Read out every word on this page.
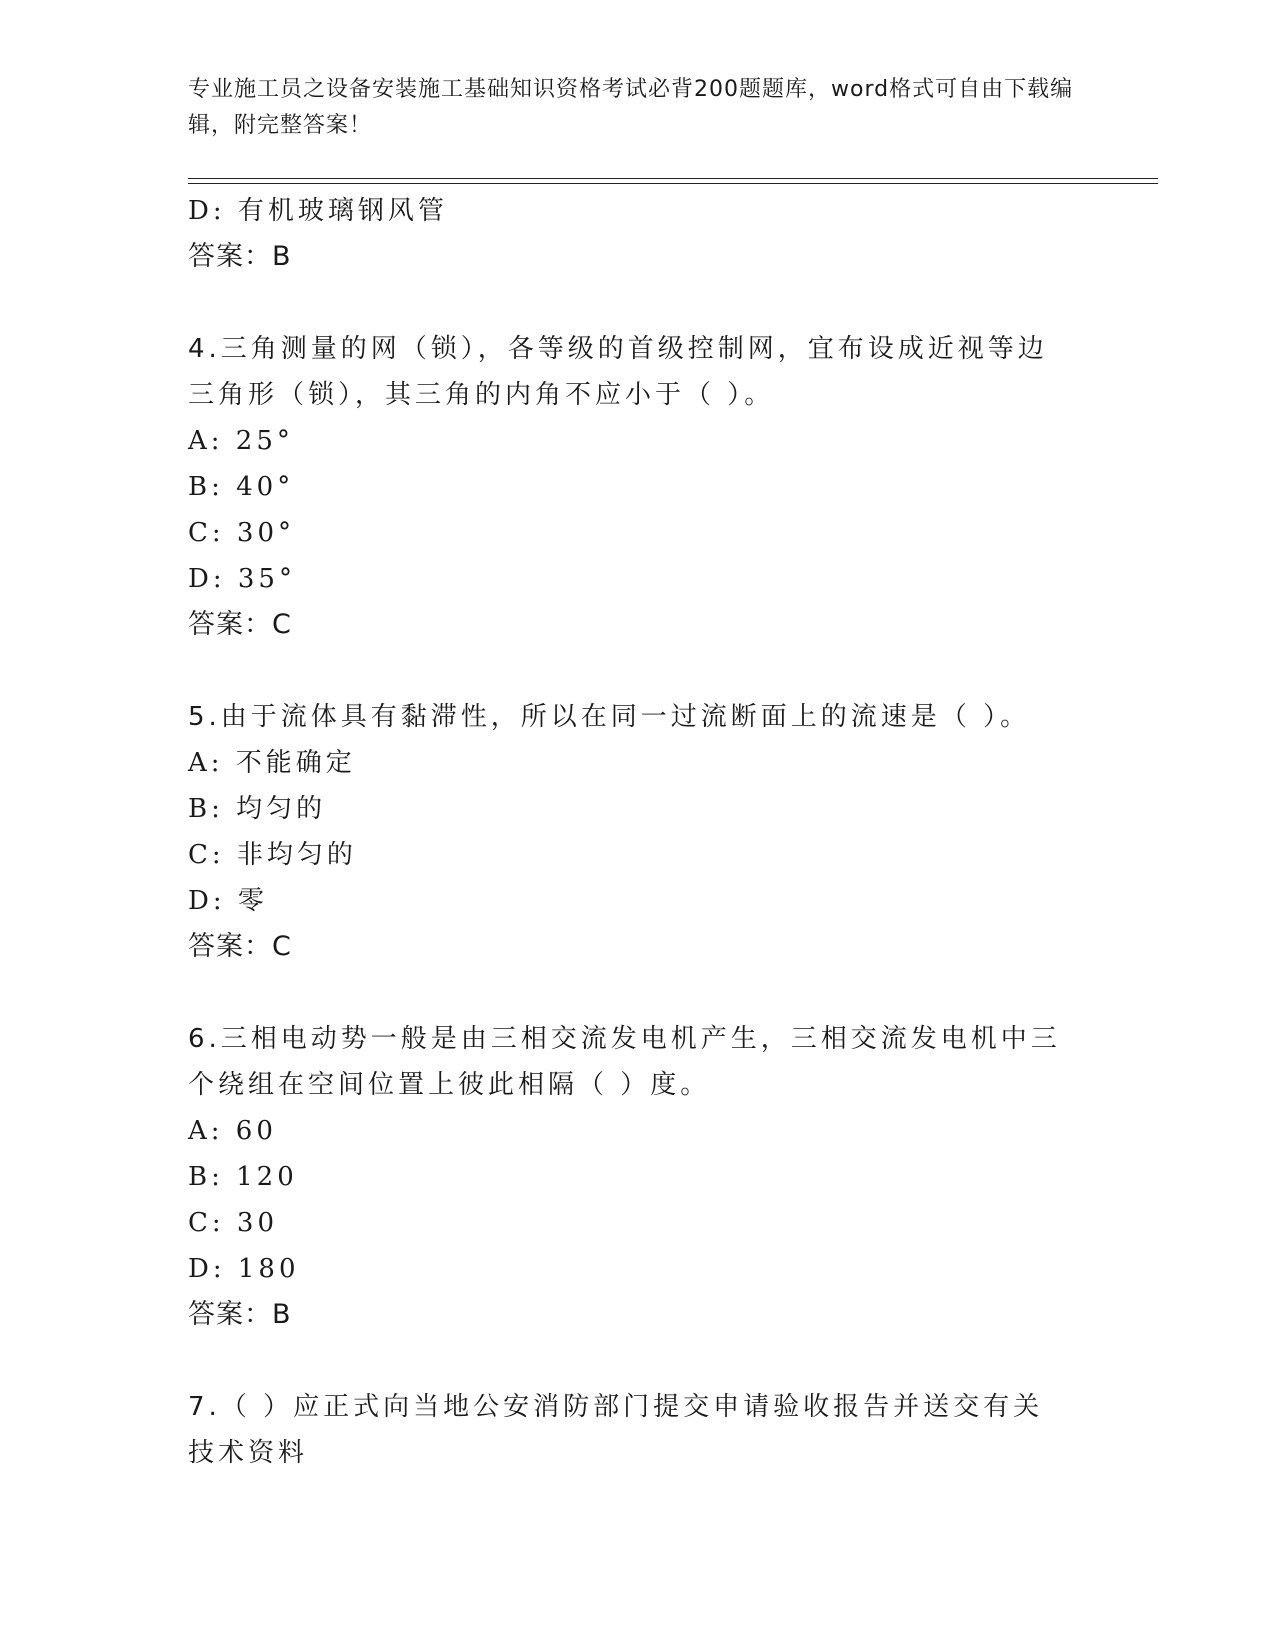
专业施工员之设备安装施工基础知识资格考试必背200题题库，word格式可自由下载编辑，附完整答案！
D: 有机玻璃钢风管
答案：B
4.三角测量的网（锁），各等级的首级控制网，宜布设成近视等边三角形（锁），其三角的内角不应小于（ ）。
A: 25°
B: 40°
C: 30°
D: 35°
答案：C
5.由于流体具有黏滞性，所以在同一过流断面上的流速是（ ）。
A: 不能确定
B: 均匀的
C: 非均匀的
D: 零
答案：C
6.三相电动势一般是由三相交流发电机产生，三相交流发电机中三个绕组在空间位置上彼此相隔（ ）度。
A: 60
B: 120
C: 30
D: 180
答案：B
7.（ ）应正式向当地公安消防部门提交申请验收报告并送交有关技术资料
